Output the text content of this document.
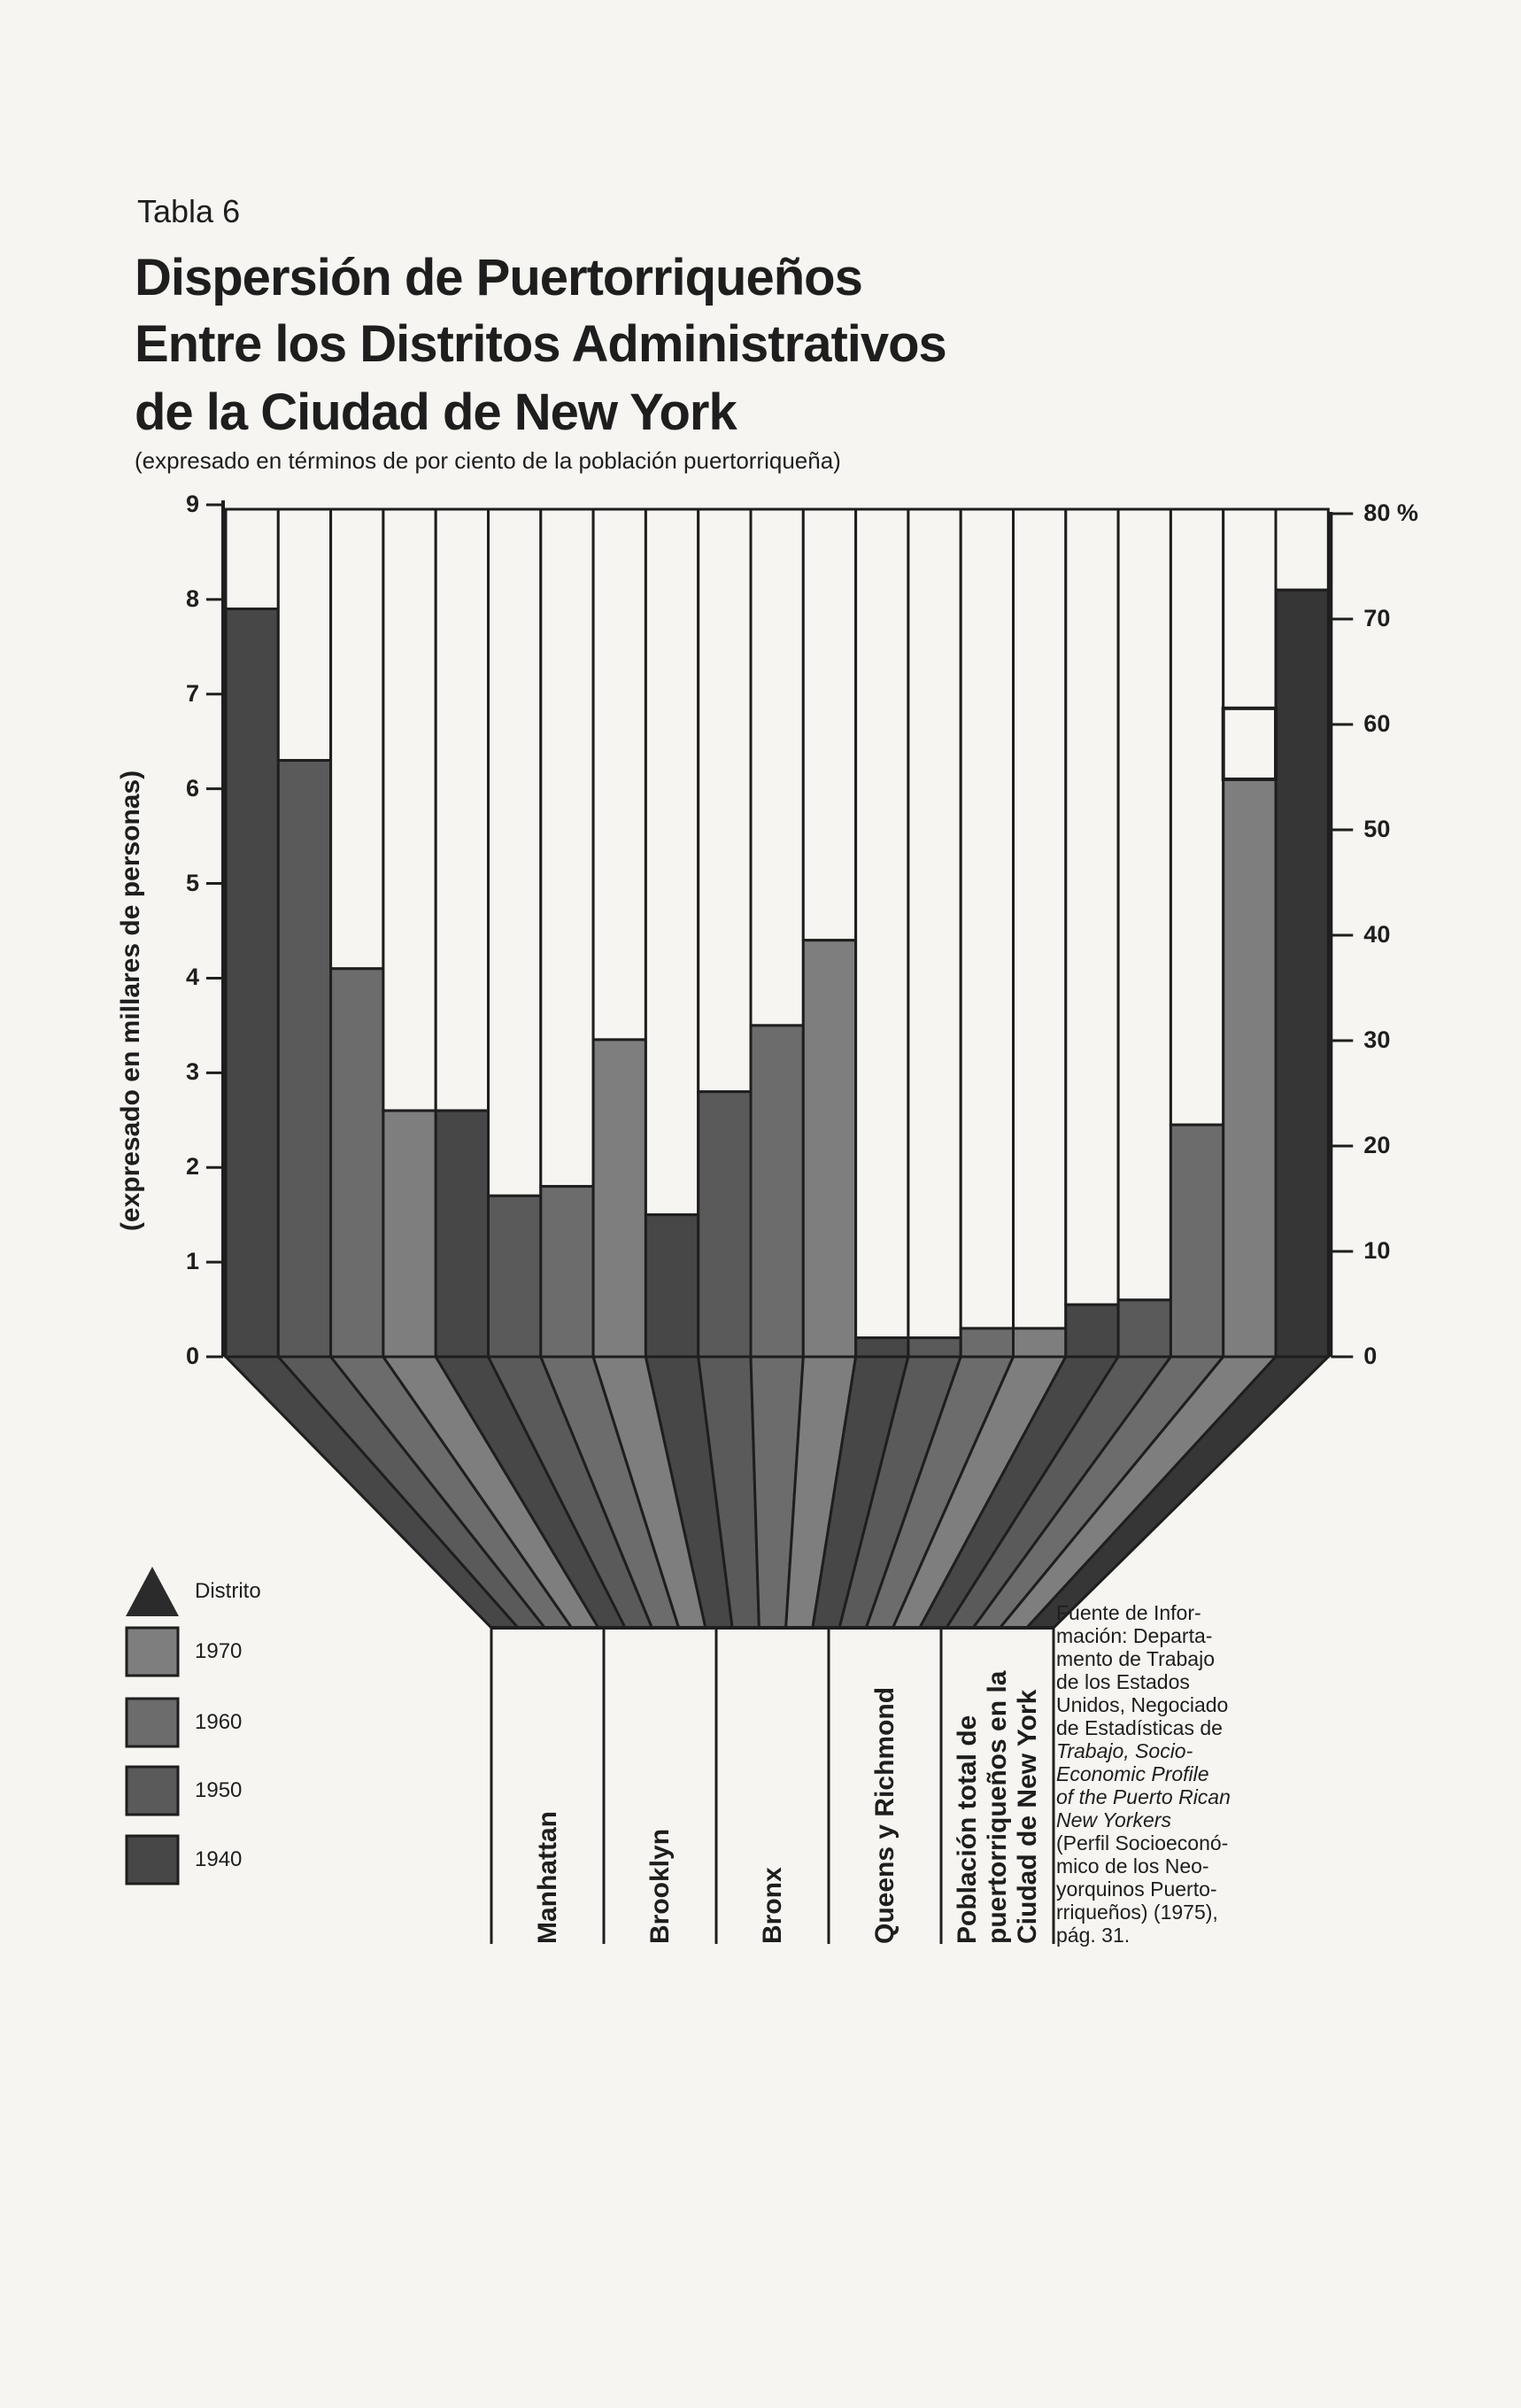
Tabla 6
Dispersión de Puertorriqueños
Entre los Distritos Administrativos
de la Ciudad de New York
(expresado en términos de por ciento de la población puertorriqueña)
0
1
2
3
4
5
6
7
8
9
0
10
20
30
40
50
60
70
80 %
(expresado en millares de personas)
Manhattan	Brooklyn	Bronx	Queens y Richmond Población total de puertorriqueños en la Ciudad de New York
Distrito
1970
1960
1950
1940
Fuente de Infor-
mación: Departa-
mento de Trabajo
de los Estados
Unidos, Negociado
de Estadísticas de
Trabajo, Socio-
Economic Profile
of the Puerto Rican
New Yorkers
(Perfil Socioeconó-
mico de los Neo-
yorquinos Puerto-
rriqueños) (1975),
pág. 31.
